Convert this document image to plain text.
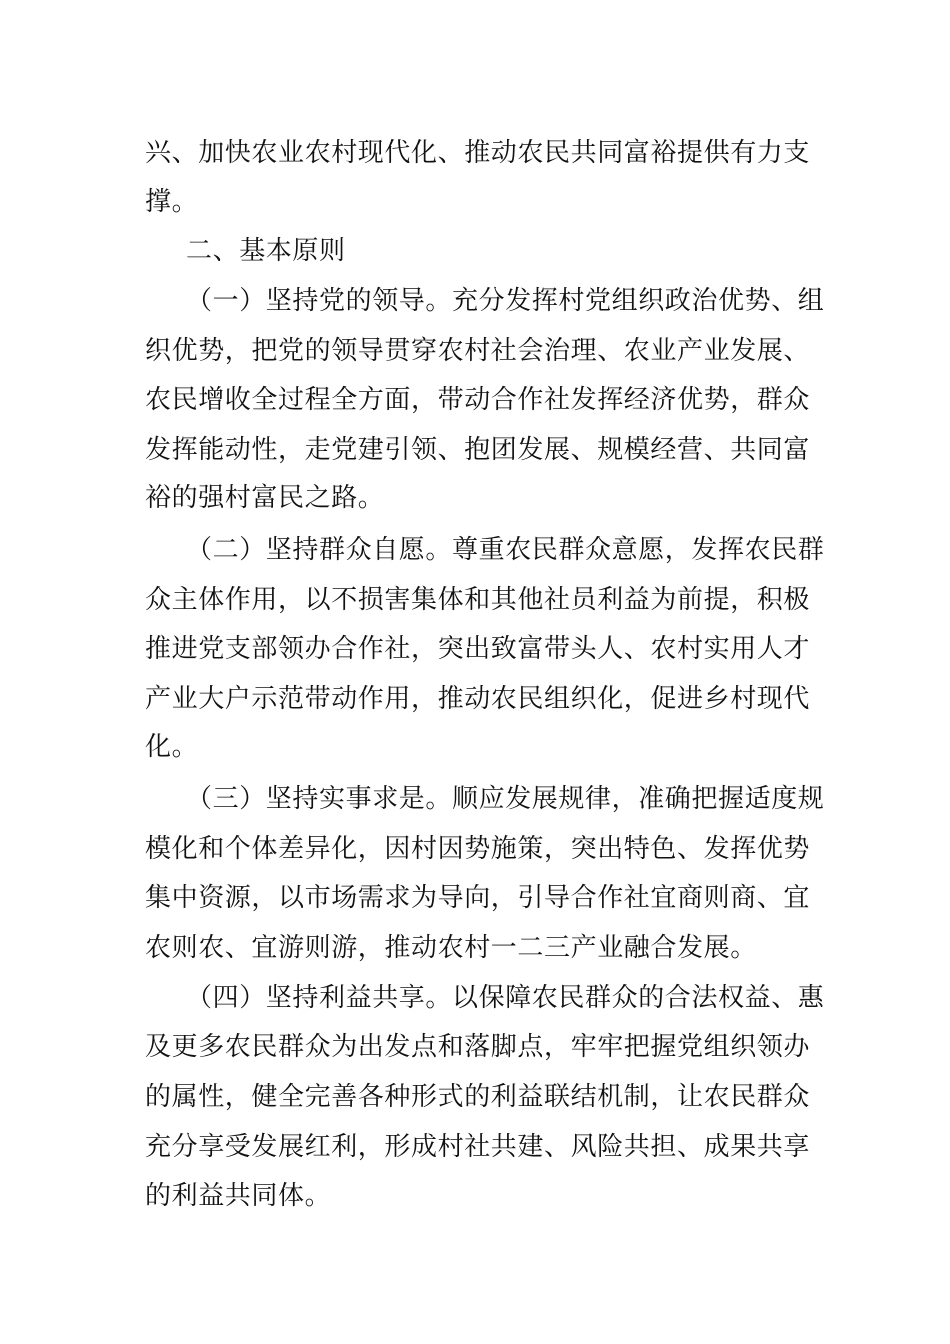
兴、加快农业农村现代化、推动农民共同富裕提供有力支
撑。
二、基本原则
（一）坚持党的领导。充分发挥村党组织政治优势、组
织优势，把党的领导贯穿农村社会治理、农业产业发展、
农民增收全过程全方面，带动合作社发挥经济优势，群众
发挥能动性，走党建引领、抱团发展、规模经营、共同富
裕的强村富民之路。
（二）坚持群众自愿。尊重农民群众意愿，发挥农民群
众主体作用，以不损害集体和其他社员利益为前提，积极
推进党支部领办合作社，突出致富带头人、农村实用人才
产业大户示范带动作用，推动农民组织化，促进乡村现代
化。
（三）坚持实事求是。顺应发展规律，准确把握适度规
模化和个体差异化，因村因势施策，突出特色、发挥优势
集中资源，以市场需求为导向，引导合作社宜商则商、宜
农则农、宜游则游，推动农村一二三产业融合发展。
（四）坚持利益共享。以保障农民群众的合法权益、惠
及更多农民群众为出发点和落脚点，牢牢把握党组织领办
的属性，健全完善各种形式的利益联结机制，让农民群众
充分享受发展红利，形成村社共建、风险共担、成果共享
的利益共同体。
